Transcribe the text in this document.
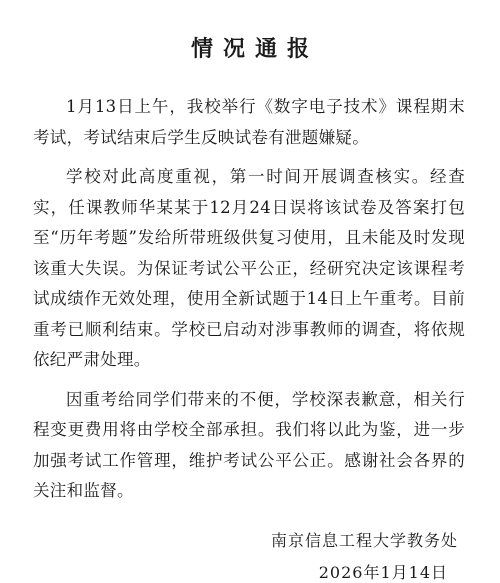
情况通报

1月13日上午，我校举行《数字电子技术》课程期末考试，考试结束后学生反映试卷有泄题嫌疑。

学校对此高度重视，第一时间开展调查核实。经查实，任课教师华某某于12月24日误将该试卷及答案打包至“历年考题”发给所带班级供复习使用，且未能及时发现该重大失误。为保证考试公平公正，经研究决定该课程考试成绩作无效处理，使用全新试题于14日上午重考。目前重考已顺利结束。学校已启动对涉事教师的调查，将依规依纪严肃处理。

因重考给同学们带来的不便，学校深表歉意，相关行程变更费用将由学校全部承担。我们将以此为鉴，进一步加强考试工作管理，维护考试公平公正。感谢社会各界的关注和监督。

南京信息工程大学教务处
2026年1月14日
